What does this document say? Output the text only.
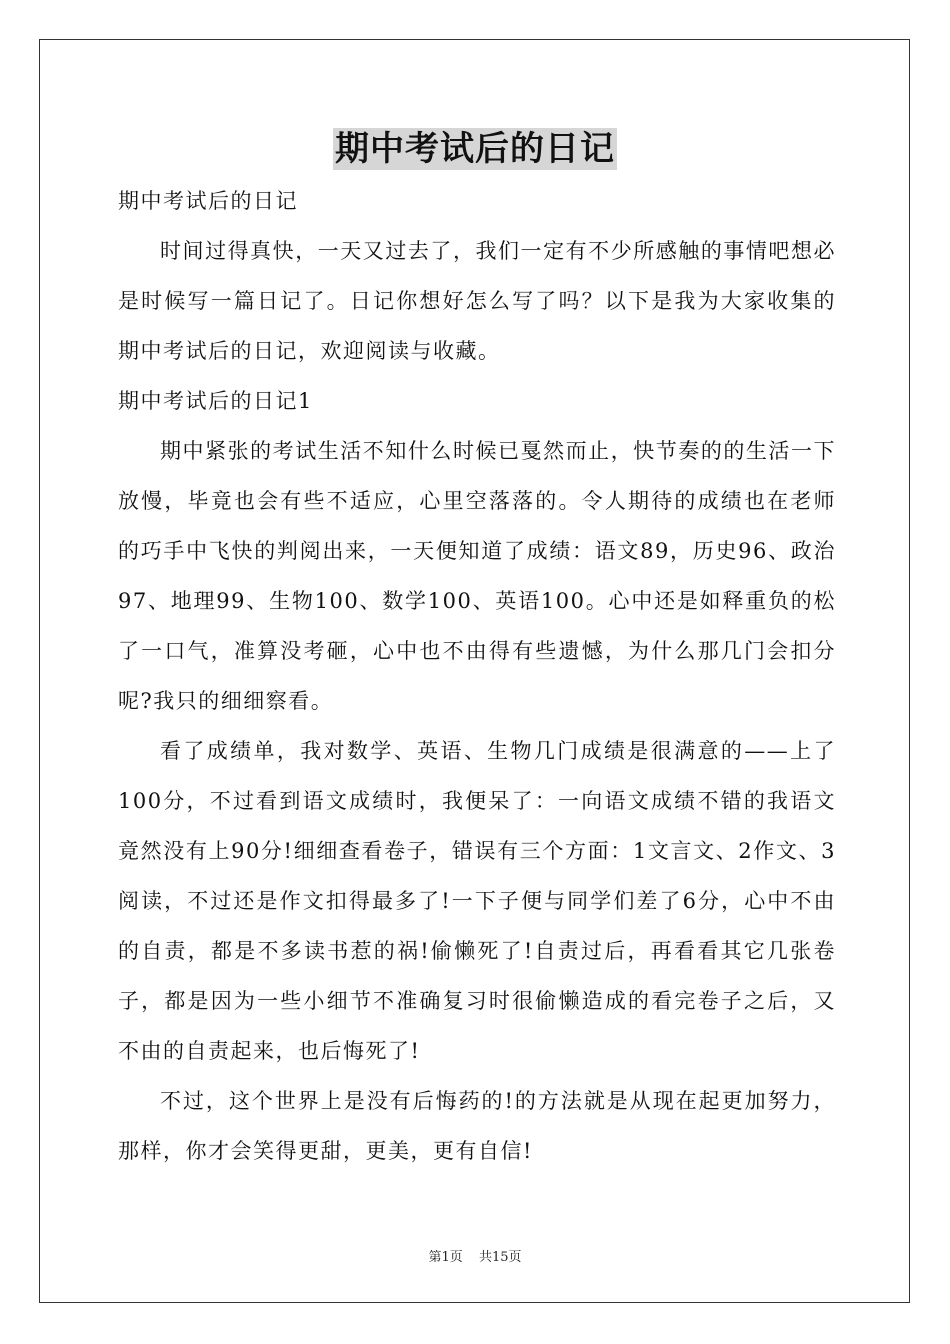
期中考试后的日记

期中考试后的日记

时间过得真快，一天又过去了，我们一定有不少所感触的事情吧想必是时候写一篇日记了。日记你想好怎么写了吗？以下是我为大家收集的期中考试后的日记，欢迎阅读与收藏。

期中考试后的日记1

期中紧张的考试生活不知什么时候已戛然而止，快节奏的的生活一下放慢，毕竟也会有些不适应，心里空落落的。令人期待的成绩也在老师的巧手中飞快的判阅出来，一天便知道了成绩：语文89，历史96、政治97、地理99、生物100、数学100、英语100。心中还是如释重负的松了一口气，准算没考砸，心中也不由得有些遗憾，为什么那几门会扣分呢?我只的细细察看。

看了成绩单，我对数学、英语、生物几门成绩是很满意的——上了100分，不过看到语文成绩时，我便呆了：一向语文成绩不错的我语文竟然没有上90分!细细查看卷子，错误有三个方面：1文言文、2作文、3阅读，不过还是作文扣得最多了!一下子便与同学们差了6分，心中不由的自责，都是不多读书惹的祸!偷懒死了!自责过后，再看看其它几张卷子，都是因为一些小细节不准确复习时很偷懒造成的看完卷子之后，又不由的自责起来，也后悔死了!

不过，这个世界上是没有后悔药的!的方法就是从现在起更加努力，那样，你才会笑得更甜，更美，更有自信!

第1页 共15页
